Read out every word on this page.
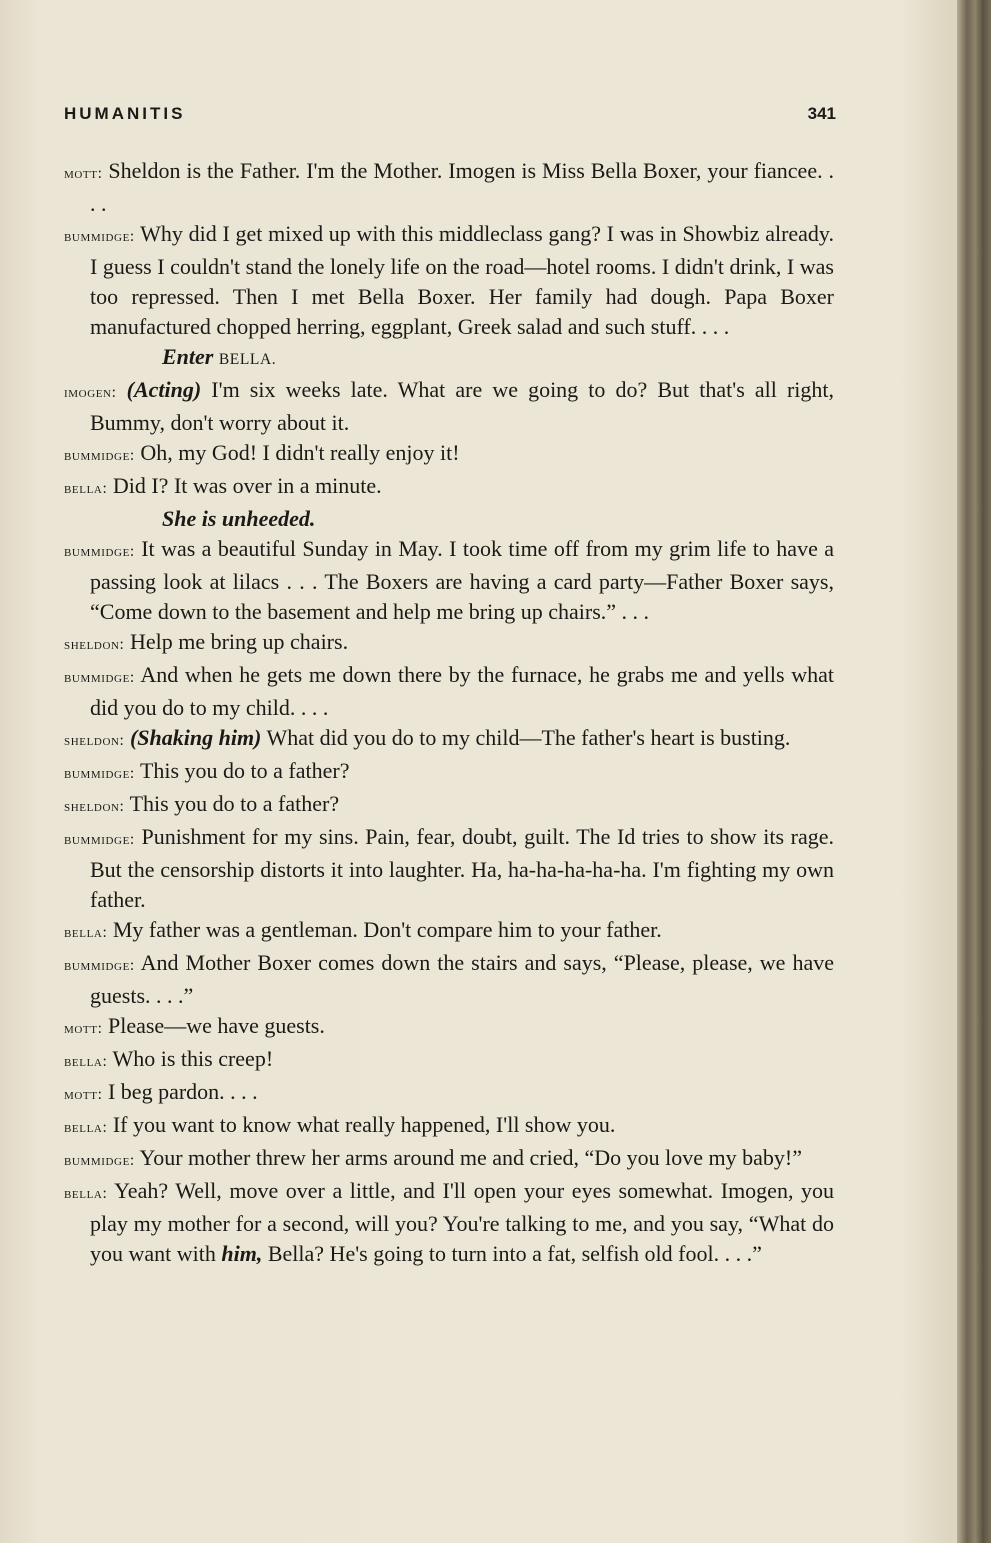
HUMANITIS	341

mott: Sheldon is the Father. I'm the Mother. Imogen is Miss Bella Boxer, your fiancee. . . .

bummidge: Why did I get mixed up with this middleclass gang? I was in Showbiz already. I guess I couldn't stand the lonely life on the road—hotel rooms. I didn't drink, I was too repressed. Then I met Bella Boxer. Her family had dough. Papa Boxer manufactured chopped herring, eggplant, Greek salad and such stuff. . . .

Enter BELLA.

imogen: (Acting) I'm six weeks late. What are we going to do? But that's all right, Bummy, don't worry about it.

bummidge: Oh, my God! I didn't really enjoy it!

bella: Did I? It was over in a minute.

She is unheeded.

bummidge: It was a beautiful Sunday in May. I took time off from my grim life to have a passing look at lilacs . . . The Boxers are having a card party—Father Boxer says, “Come down to the basement and help me bring up chairs.” . . .

sheldon: Help me bring up chairs.

bummidge: And when he gets me down there by the furnace, he grabs me and yells what did you do to my child. . . .

sheldon: (Shaking him) What did you do to my child—The father's heart is busting.

bummidge: This you do to a father?

sheldon: This you do to a father?

bummidge: Punishment for my sins. Pain, fear, doubt, guilt. The Id tries to show its rage. But the censorship distorts it into laughter. Ha, ha-ha-ha-ha-ha. I'm fighting my own father.

bella: My father was a gentleman. Don't compare him to your father.

bummidge: And Mother Boxer comes down the stairs and says, “Please, please, we have guests. . . .”

mott: Please—we have guests.

bella: Who is this creep!

mott: I beg pardon. . . .

bella: If you want to know what really happened, I'll show you.

bummidge: Your mother threw her arms around me and cried, “Do you love my baby!”

bella: Yeah? Well, move over a little, and I'll open your eyes somewhat. Imogen, you play my mother for a second, will you? You're talking to me, and you say, “What do you want with him, Bella? He's going to turn into a fat, selfish old fool. . . .”
